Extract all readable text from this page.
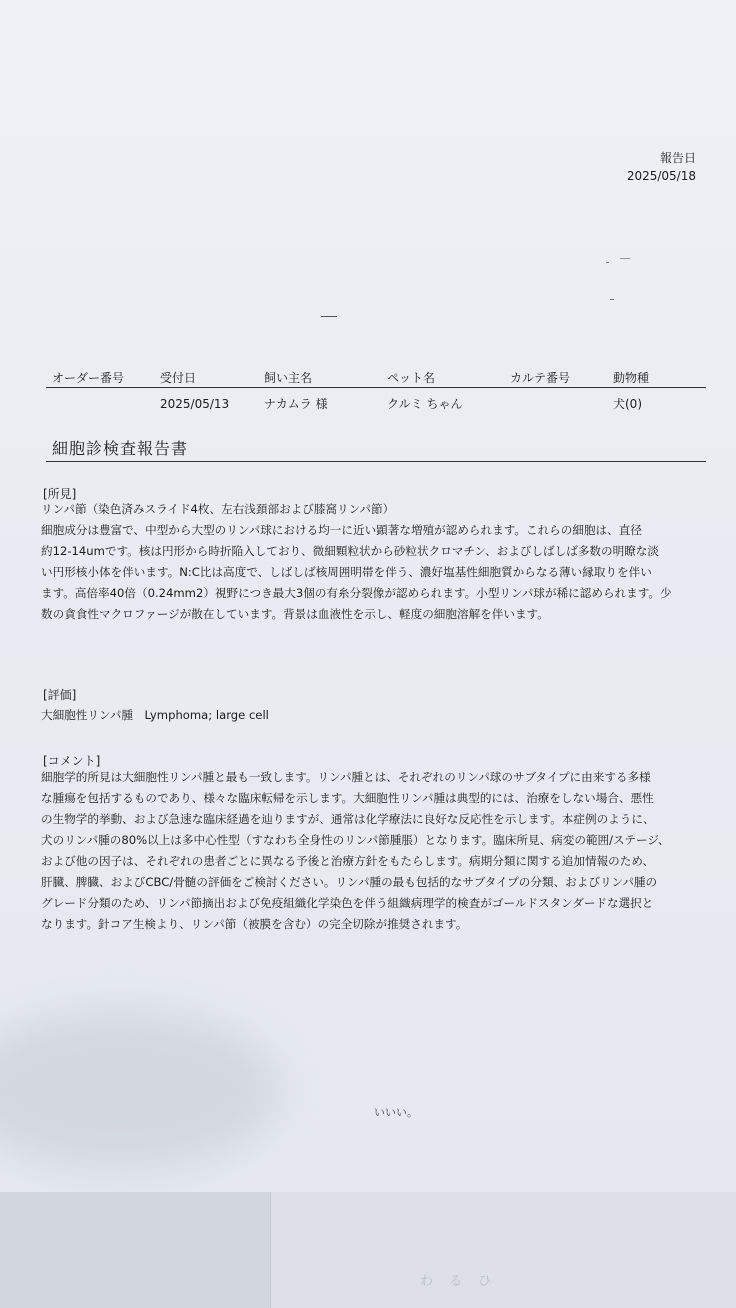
わ る ひ
報告日
2025/05/18
オーダー番号	受付日
2025/05/13
飼い主名
ナカムラ 様
ペット名
クルミ ちゃん
カルテ番号	動物種
犬(0)
細胞診検査報告書
[所見]
リンパ節（染色済みスライド4枚、左右浅頚部および膝窩リンパ節）
細胞成分は豊富で、中型から大型のリンパ球における均一に近い顕著な増殖が認められます。これらの細胞は、直径
約12-14umです。核は円形から時折陥入しており、微細顆粒状から砂粒状クロマチン、およびしばしば多数の明瞭な淡
い円形核小体を伴います。N:C比は高度で、しばしば核周囲明帯を伴う、濃好塩基性細胞質からなる薄い縁取りを伴い
ます。高倍率40倍（0.24mm2）視野につき最大3個の有糸分裂像が認められます。小型リンパ球が稀に認められます。少
数の貪食性マクロファージが散在しています。背景は血液性を示し、軽度の細胞溶解を伴います。
[評価]
大細胞性リンパ腫　Lymphoma; large cell
[コメント]
細胞学的所見は大細胞性リンパ腫と最も一致します。リンパ腫とは、それぞれのリンパ球のサブタイプに由来する多様
な腫瘍を包括するものであり、様々な臨床転帰を示します。大細胞性リンパ腫は典型的には、治療をしない場合、悪性
の生物学的挙動、および急速な臨床経過を辿りますが、通常は化学療法に良好な反応性を示します。本症例のように、
犬のリンパ腫の80%以上は多中心性型（すなわち全身性のリンパ節腫脹）となります。臨床所見、病変の範囲/ステージ、
および他の因子は、それぞれの患者ごとに異なる予後と治療方針をもたらします。病期分類に関する追加情報のため、
肝臓、脾臓、およびCBC/骨髄の評価をご検討ください。リンパ腫の最も包括的なサブタイプの分類、およびリンパ腫の
グレード分類のため、リンパ節摘出および免疫組織化学染色を伴う組織病理学的検査がゴールドスタンダードな選択と
なります。針コア生検より、リンパ節（被膜を含む）の完全切除が推奨されます。
いいい。
